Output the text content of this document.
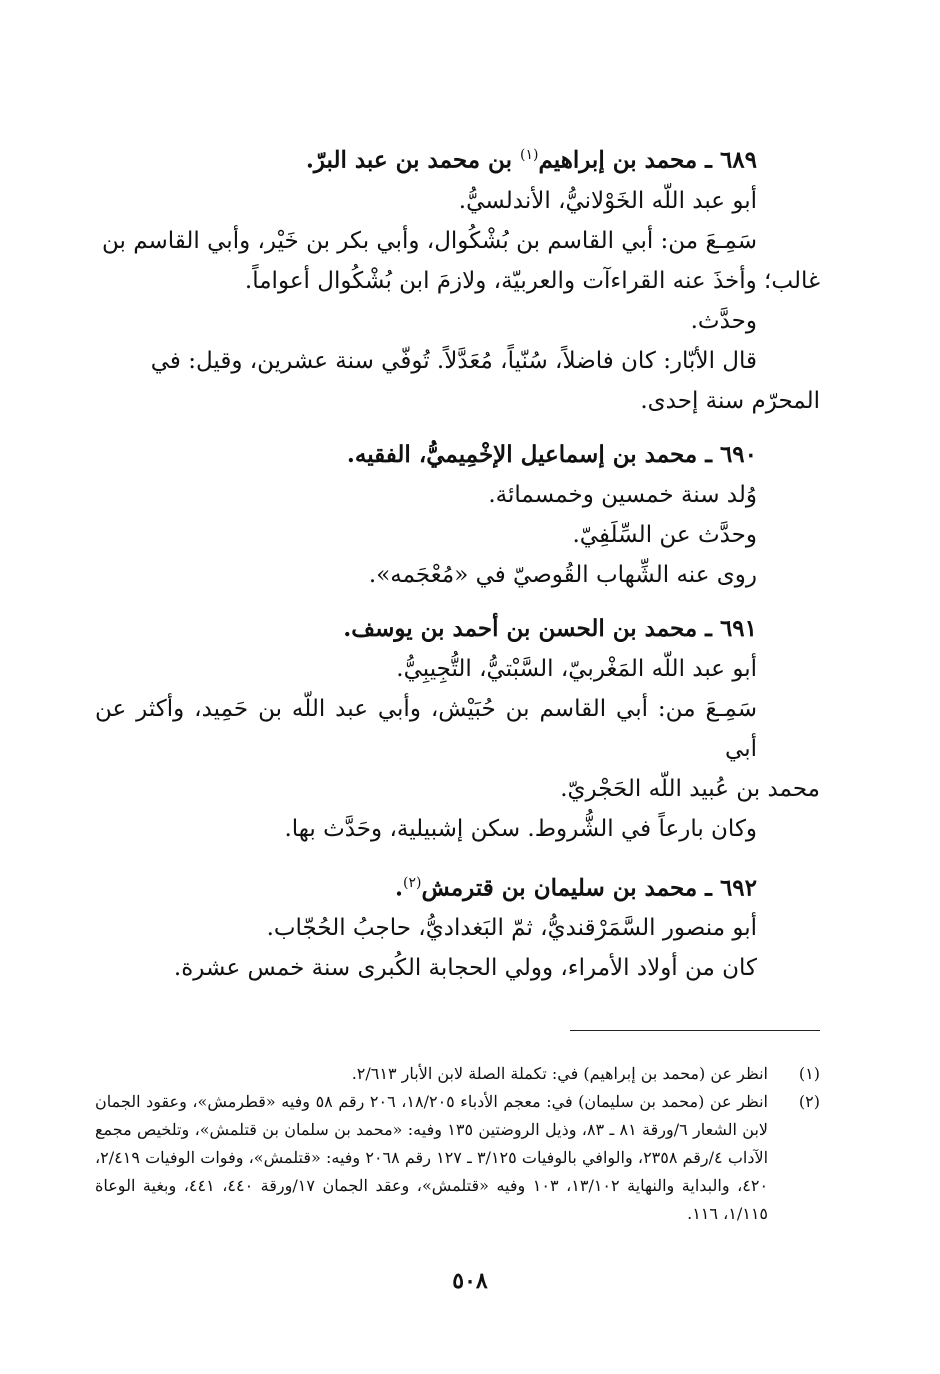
٦٨٩ ـ محمد بن إبراهيم$^{(١)}$ بن محمد بن عبد البرّ.
أبو عبد اللّه الخَوْلانيُّ، الأندلسيُّ.
سَمِـعَ من: أبي القاسم بن بُشْكُوال، وأبي بكر بن خَيْر، وأبي القاسم بن
غالب؛ وأخذَ عنه القراءآت والعربيّة، ولازمَ ابن بُشْكُوال أعواماً.
وحدَّث.
قال الأبّار: كان فاضلاً، سُنّياً، مُعَدَّلاً. تُوفّي سنة عشرين، وقيل: في
المحرّم سنة إحدى.
٦٩٠ ـ محمد بن إسماعيل الإخْمِيميُّ، الفقيه.
وُلد سنة خمسين وخمسمائة.
وحدَّث عن السِّلَفِيّ.
روى عنه الشِّهاب القُوصيّ في «مُعْجَمه».
٦٩١ ـ محمد بن الحسن بن أحمد بن يوسف.
أبو عبد اللّه المَغْربيّ، السَّبْتيُّ، التُّجِيبِيُّ.
سَمِـعَ من: أبي القاسم بن حُبَيْش، وأبي عبد اللّه بن حَمِيد، وأكثر عن أبي
محمد بن عُبيد اللّه الحَجْريّ.
وكان بارعاً في الشُّروط. سكن إشبيلية، وحَدَّث بها.
٦٩٢ ـ محمد بن سليمان بن قترمش$^{(٢)}$.
أبو منصور السَّمَرْقنديُّ، ثمّ البَغداديُّ، حاجبُ الحُجّاب.
كان من أولاد الأمراء، وولي الحجابة الكُبرى سنة خمس عشرة.
(١)
انظر عن (محمد بن إبراهيم) في: تكملة الصلة لابن الأبار ٢/٦١٣.
(٢)
انظر عن (محمد بن سليمان) في: معجم الأدباء ١٨/٢٠٥، ٢٠٦ رقم ٥٨ وفيه «قطرمش»، وعقود الجمان لابن الشعار ٦/ورقة ٨١ ـ ٨٣، وذيل الروضتين ١٣٥ وفيه: «محمد بن سلمان بن قتلمش»، وتلخيص مجمع الآداب ٤/رقم ٢٣٥٨، والوافي بالوفيات ٣/١٢٥ ـ ١٢٧ رقم ٢٠٦٨ وفيه: «قتلمش»، وفوات الوفيات ٢/٤١٩، ٤٢٠، والبداية والنهاية ١٣/١٠٢، ١٠٣ وفيه «قتلمش»، وعقد الجمان ١٧/ورقة ٤٤٠، ٤٤١، وبغية الوعاة ١/١١٥، ١١٦.
٥٠٨
